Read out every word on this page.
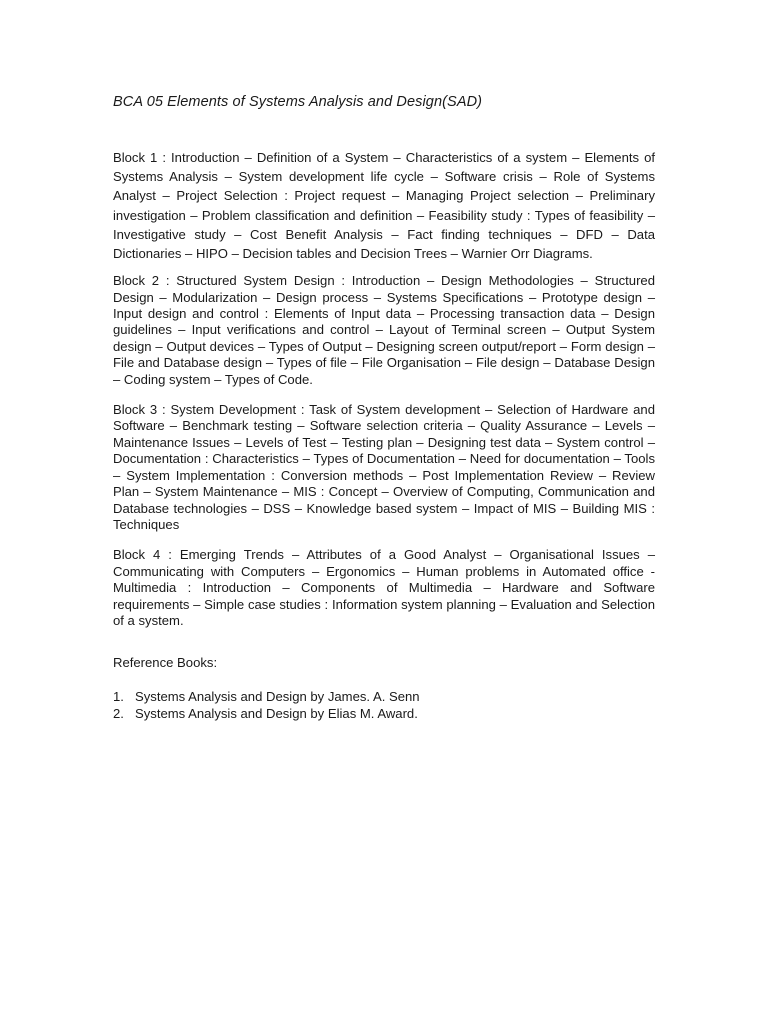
BCA 05 Elements of Systems Analysis and Design(SAD)

Block 1 : Introduction – Definition of a System – Characteristics of a system – Elements of Systems Analysis – System development life cycle – Software crisis – Role of Systems Analyst – Project Selection : Project request – Managing Project selection – Preliminary investigation – Problem classification and definition – Feasibility study : Types of feasibility – Investigative study – Cost Benefit Analysis – Fact finding techniques – DFD – Data Dictionaries – HIPO – Decision tables and Decision Trees – Warnier Orr Diagrams.

Block 2 : Structured System Design : Introduction – Design Methodologies – Structured Design – Modularization – Design process – Systems Specifications – Prototype design – Input design and control : Elements of Input data – Processing transaction data – Design guidelines – Input verifications and control – Layout of Terminal screen – Output System design – Output devices – Types of Output – Designing screen output/report – Form design – File and Database design – Types of file – File Organisation – File design – Database Design – Coding system – Types of Code.

Block 3 : System Development : Task of System development – Selection of Hardware and Software – Benchmark testing – Software selection criteria – Quality Assurance – Levels – Maintenance Issues – Levels of Test – Testing plan – Designing test data – System control – Documentation : Characteristics – Types of Documentation – Need for documentation – Tools – System Implementation : Conversion methods – Post Implementation Review – Review Plan – System Maintenance – MIS : Concept – Overview of Computing, Communication and Database technologies – DSS – Knowledge based system – Impact of MIS – Building MIS : Techniques

Block 4 : Emerging Trends – Attributes of a Good Analyst – Organisational Issues – Communicating with Computers – Ergonomics – Human problems in Automated office - Multimedia : Introduction – Components of Multimedia – Hardware and Software requirements – Simple case studies : Information system planning – Evaluation and Selection of a system.

Reference Books:

1. Systems Analysis and Design by James. A. Senn
2. Systems Analysis and Design by Elias M. Award.
